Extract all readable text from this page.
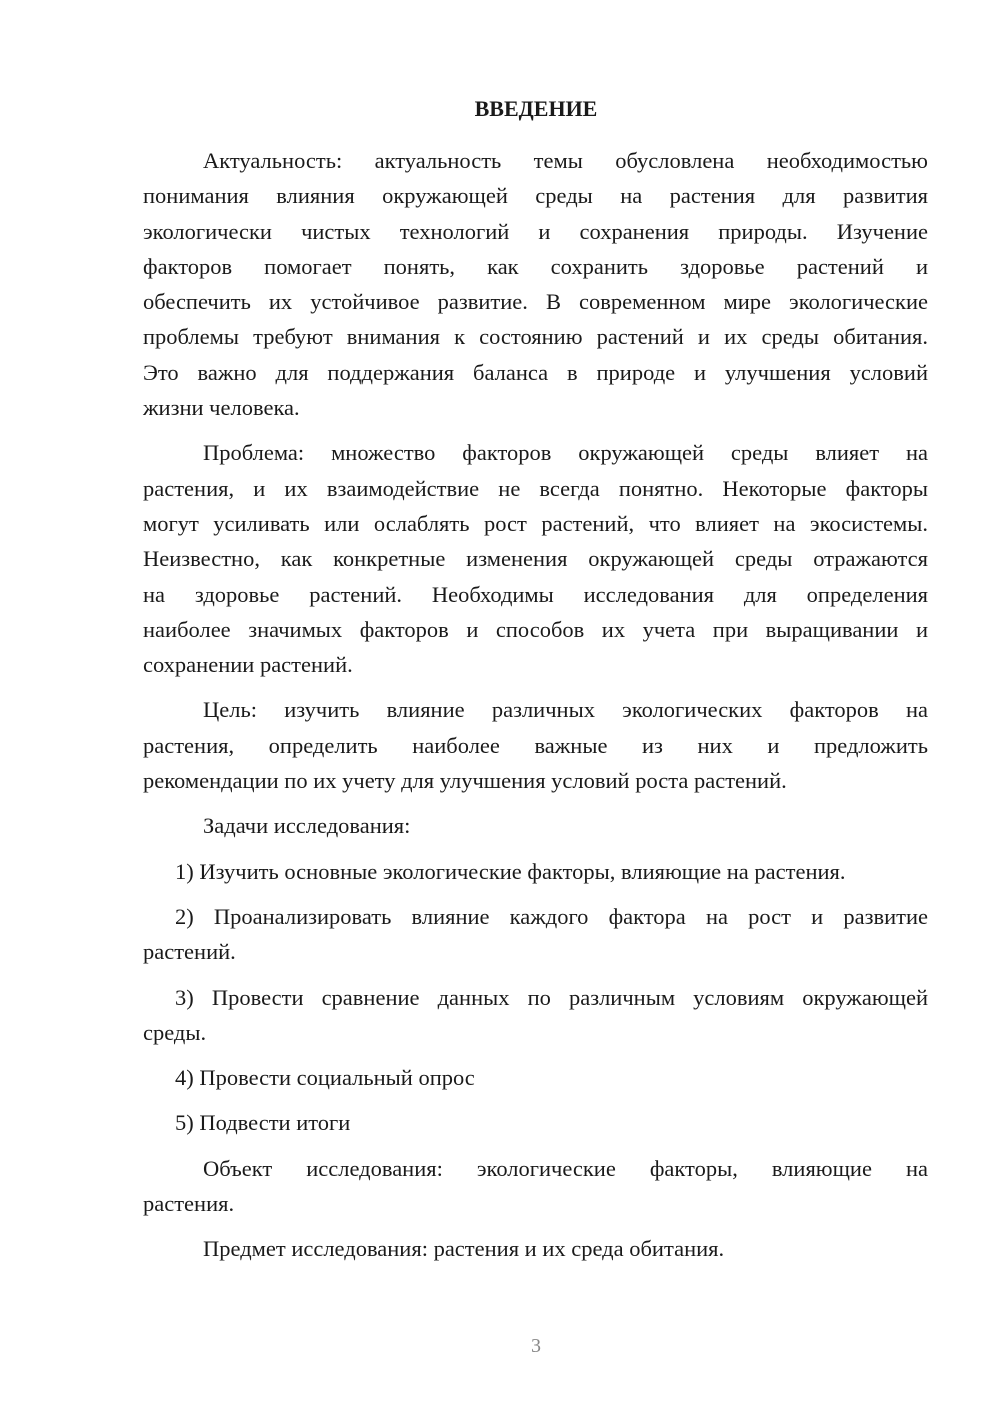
ВВЕДЕНИЕ
Актуальность: актуальность темы обусловлена необходимостью
понимания влияния окружающей среды на растения для развития
экологически чистых технологий и сохранения природы. Изучение
факторов помогает понять, как сохранить здоровье растений и
обеспечить их устойчивое развитие. В современном мире экологические
проблемы требуют внимания к состоянию растений и их среды обитания.
Это важно для поддержания баланса в природе и улучшения условий
жизни человека.
Проблема: множество факторов окружающей среды влияет на
растения, и их взаимодействие не всегда понятно. Некоторые факторы
могут усиливать или ослаблять рост растений, что влияет на экосистемы.
Неизвестно, как конкретные изменения окружающей среды отражаются
на здоровье растений. Необходимы исследования для определения
наиболее значимых факторов и способов их учета при выращивании и
сохранении растений.
Цель: изучить влияние различных экологических факторов на
растения, определить наиболее важные из них и предложить
рекомендации по их учету для улучшения условий роста растений.
Задачи исследования:
1) Изучить основные экологические факторы, влияющие на растения.
2) Проанализировать влияние каждого фактора на рост и развитие
растений.
3) Провести сравнение данных по различным условиям окружающей
среды.
4) Провести социальный опрос
5) Подвести итоги
Объект исследования: экологические факторы, влияющие на
растения.
Предмет исследования: растения и их среда обитания.
3
